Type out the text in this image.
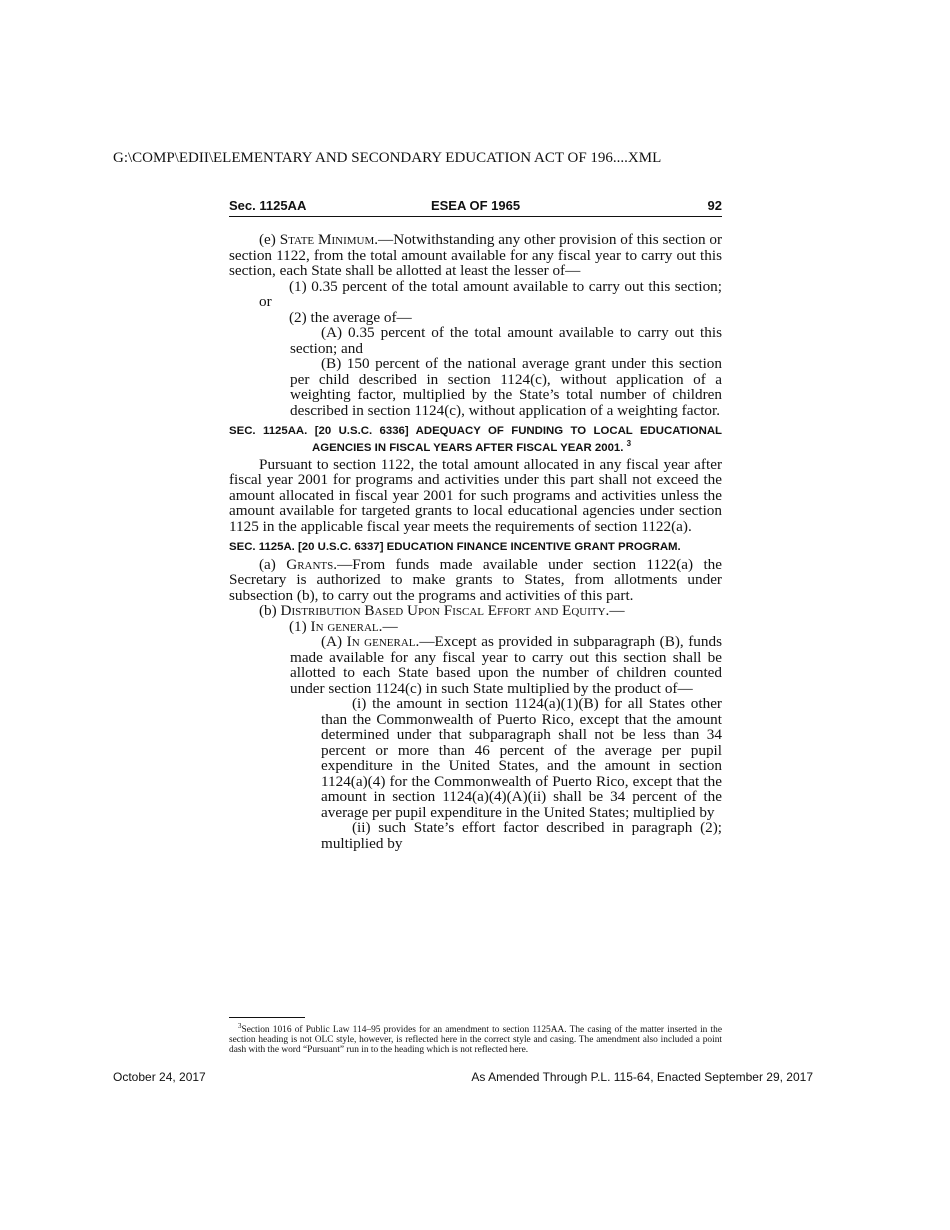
G:\COMP\EDII\ELEMENTARY AND SECONDARY EDUCATION ACT OF 196....XML
Sec. 1125AA	ESEA OF 1965	92

(e) State Minimum.—Notwithstanding any other provision of this section or section 1122, from the total amount available for any fiscal year to carry out this section, each State shall be allotted at least the lesser of—

(1) 0.35 percent of the total amount available to carry out this section; or

(2) the average of—

(A) 0.35 percent of the total amount available to carry out this section; and

(B) 150 percent of the national average grant under this section per child described in section 1124(c), without application of a weighting factor, multiplied by the State’s total number of children described in section 1124(c), without application of a weighting factor.

SEC. 1125AA. [20 U.S.C. 6336] ADEQUACY OF FUNDING TO LOCAL EDUCATIONAL AGENCIES IN FISCAL YEARS AFTER FISCAL YEAR 2001. $^3$

Pursuant to section 1122, the total amount allocated in any fiscal year after fiscal year 2001 for programs and activities under this part shall not exceed the amount allocated in fiscal year 2001 for such programs and activities unless the amount available for targeted grants to local educational agencies under section 1125 in the applicable fiscal year meets the requirements of section 1122(a).

SEC. 1125A. [20 U.S.C. 6337] EDUCATION FINANCE INCENTIVE GRANT PROGRAM.

(a) Grants.—From funds made available under section 1122(a) the Secretary is authorized to make grants to States, from allotments under subsection (b), to carry out the programs and activities of this part.

(b) Distribution Based Upon Fiscal Effort and Equity.—

(1) In general.—

(A) In general.—Except as provided in subparagraph (B), funds made available for any fiscal year to carry out this section shall be allotted to each State based upon the number of children counted under section 1124(c) in such State multiplied by the product of—

(i) the amount in section 1124(a)(1)(B) for all States other than the Commonwealth of Puerto Rico, except that the amount determined under that subparagraph shall not be less than 34 percent or more than 46 percent of the average per pupil expenditure in the United States, and the amount in section 1124(a)(4) for the Commonwealth of Puerto Rico, except that the amount in section 1124(a)(4)(A)(ii) shall be 34 percent of the average per pupil expenditure in the United States; multiplied by

(ii) such State’s effort factor described in paragraph (2); multiplied by

$^3$Section 1016 of Public Law 114–95 provides for an amendment to section 1125AA. The casing of the matter inserted in the section heading is not OLC style, however, is reflected here in the correct style and casing. The amendment also included a point dash with the word “Pursuant” run in to the heading which is not reflected here.

October 24, 2017	As Amended Through P.L. 115-64, Enacted September 29, 2017
